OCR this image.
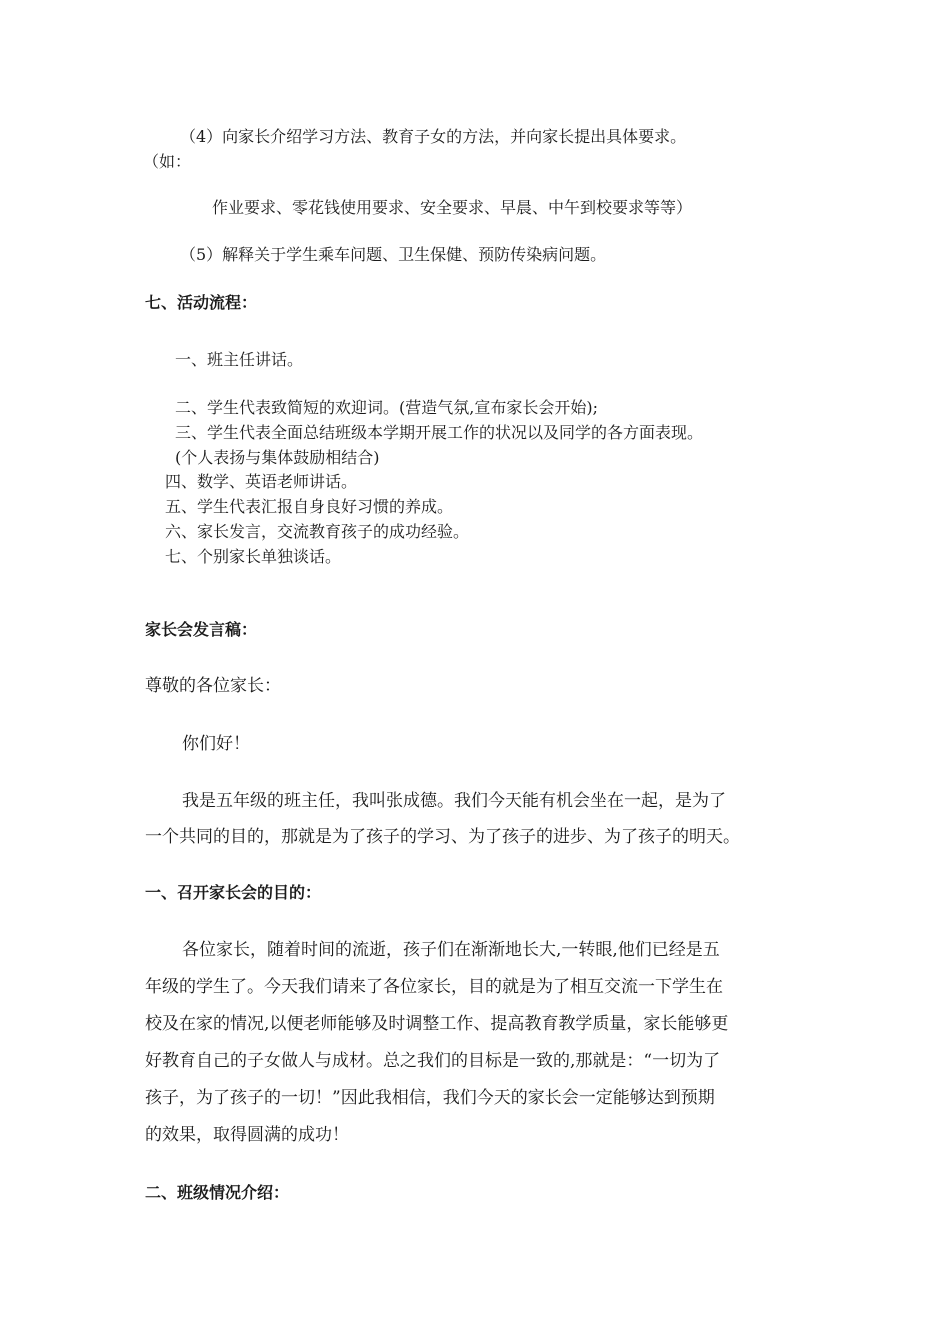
（4）向家长介绍学习方法、教育子女的方法，并向家长提出具体要求。
（如：
作业要求、零花钱使用要求、安全要求、早晨、中午到校要求等等）
（5）解释关于学生乘车问题、卫生保健、预防传染病问题。
七、活动流程：
一、班主任讲话。
二、学生代表致简短的欢迎词。(营造气氛,宣布家长会开始);
三、学生代表全面总结班级本学期开展工作的状况以及同学的各方面表现。
(个人表扬与集体鼓励相结合)
四、数学、英语老师讲话。
五、学生代表汇报自身良好习惯的养成。
六、家长发言，交流教育孩子的成功经验。
七、个别家长单独谈话。
家长会发言稿：
尊敬的各位家长：
你们好！
我是五年级的班主任，我叫张成德。我们今天能有机会坐在一起，是为了
一个共同的目的，那就是为了孩子的学习、为了孩子的进步、为了孩子的明天。
一、召开家长会的目的：
各位家长，随着时间的流逝，孩子们在渐渐地长大,一转眼,他们已经是五
年级的学生了。今天我们请来了各位家长，目的就是为了相互交流一下学生在
校及在家的情况,以便老师能够及时调整工作、提高教育教学质量，家长能够更
好教育自己的子女做人与成材。总之我们的目标是一致的,那就是：“一切为了
孩子，为了孩子的一切！”因此我相信，我们今天的家长会一定能够达到预期
的效果，取得圆满的成功！
二、班级情况介绍：
